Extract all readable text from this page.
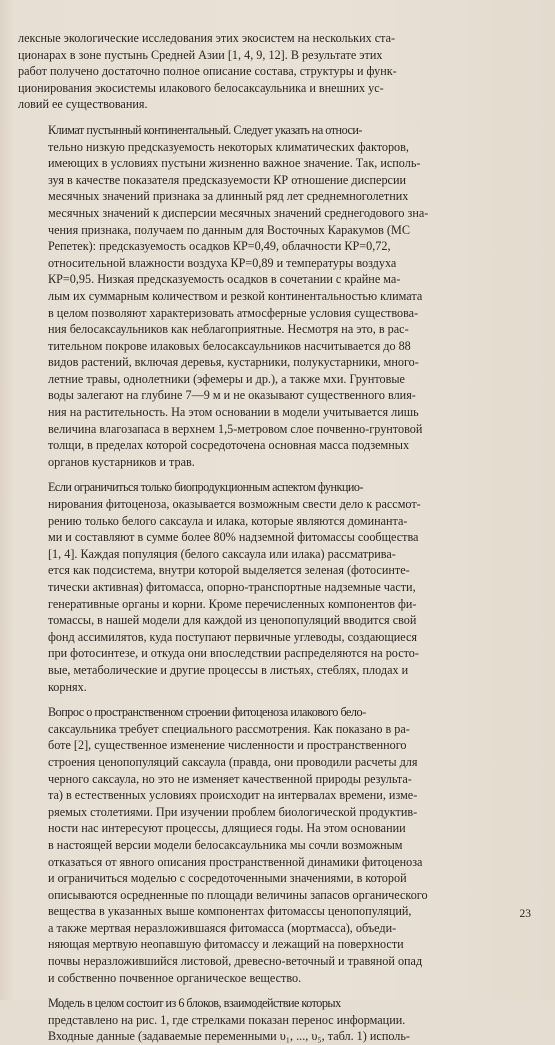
лексные экологические исследования этих экосистем на нескольких ста-
ционарах в зоне пустынь Средней Азии [1, 4, 9, 12]. В результате этих
работ получено достаточно полное описание состава, структуры и функ-
ционирования экосистемы илакового белосаксаульника и внешних ус-
ловий ее существования.

Климат пустынный континентальный. Следует указать на относи-
тельно низкую предсказуемость некоторых климатических факторов,
имеющих в условиях пустыни жизненно важное значение. Так, исполь-
зуя в качестве показателя предсказуемости КР отношение дисперсии
месячных значений признака за длинный ряд лет среднемноголетних
месячных значений к дисперсии месячных значений среднегодового зна-
чения признака, получаем по данным для Восточных Каракумов (МС
Репетек): предсказуемость осадков КР=0,49, облачности КР=0,72,
относительной влажности воздуха КР=0,89 и температуры воздуха
КР=0,95. Низкая предсказуемость осадков в сочетании с крайне ма-
лым их суммарным количеством и резкой континентальностью климата
в целом позволяют характеризовать атмосферные условия существова-
ния белосаксаульников как неблагоприятные. Несмотря на это, в рас-
тительном покрове илаковых белосаксаульников насчитывается до 88
видов растений, включая деревья, кустарники, полукустарники, много-
летние травы, однолетники (эфемеры и др.), а также мхи. Грунтовые
воды залегают на глубине 7—9 м и не оказывают существенного влия-
ния на растительность. На этом основании в модели учитывается лишь
величина влагозапаса в верхнем 1,5-метровом слое почвенно-грунтовой
толщи, в пределах которой сосредоточена основная масса подземных
органов кустарников и трав.

Если ограничиться только биопродукционным аспектом функцио-
нирования фитоценоза, оказывается возможным свести дело к рассмот-
рению только белого саксаула и илака, которые являются доминанта-
ми и составляют в сумме более 80% надземной фитомассы сообщества
[1, 4]. Каждая популяция (белого саксаула или илака) рассматрива-
ется как подсистема, внутри которой выделяется зеленая (фотосинте-
тически активная) фитомасса, опорно-транспортные надземные части,
генеративные органы и корни. Кроме перечисленных компонентов фи-
томассы, в нашей модели для каждой из ценопопуляций вводится свой
фонд ассимилятов, куда поступают первичные углеводы, создающиеся
при фотосинтезе, и откуда они впоследствии распределяются на росто-
вые, метаболические и другие процессы в листьях, стеблях, плодах и
корнях.

Вопрос о пространственном строении фитоценоза илакового бело-
саксаульника требует специального рассмотрения. Как показано в ра-
боте [2], существенное изменение численности и пространственного
строения ценопопуляций саксаула (правда, они проводили расчеты для
черного саксаула, но это не изменяет качественной природы результа-
та) в естественных условиях происходит на интервалах времени, изме-
ряемых столетиями. При изучении проблем биологической продуктив-
ности нас интересуют процессы, длящиеся годы. На этом основании
в настоящей версии модели белосаксаульника мы сочли возможным
отказаться от явного описания пространственной динамики фитоценоза
и ограничиться моделью с сосредоточенными значениями, в которой
описываются осредненные по площади величины запасов органического
вещества в указанных выше компонентах фитомассы ценопопуляций,
а также мертвая неразложившаяся фитомасса (мортмасса), объеди-
няющая мертвую неопавшую фитомассу и лежащий на поверхности
почвы неразложившийся листовой, древесно-веточный и травяной опад
и собственно почвенное органическое вещество.

Модель в целом состоит из 6 блоков, взаимодействие которых
представлено на рис. 1, где стрелками показан перенос информации.
Входные данные (задаваемые переменными υ₁, ..., υ₅, табл. 1) исполь-

23
